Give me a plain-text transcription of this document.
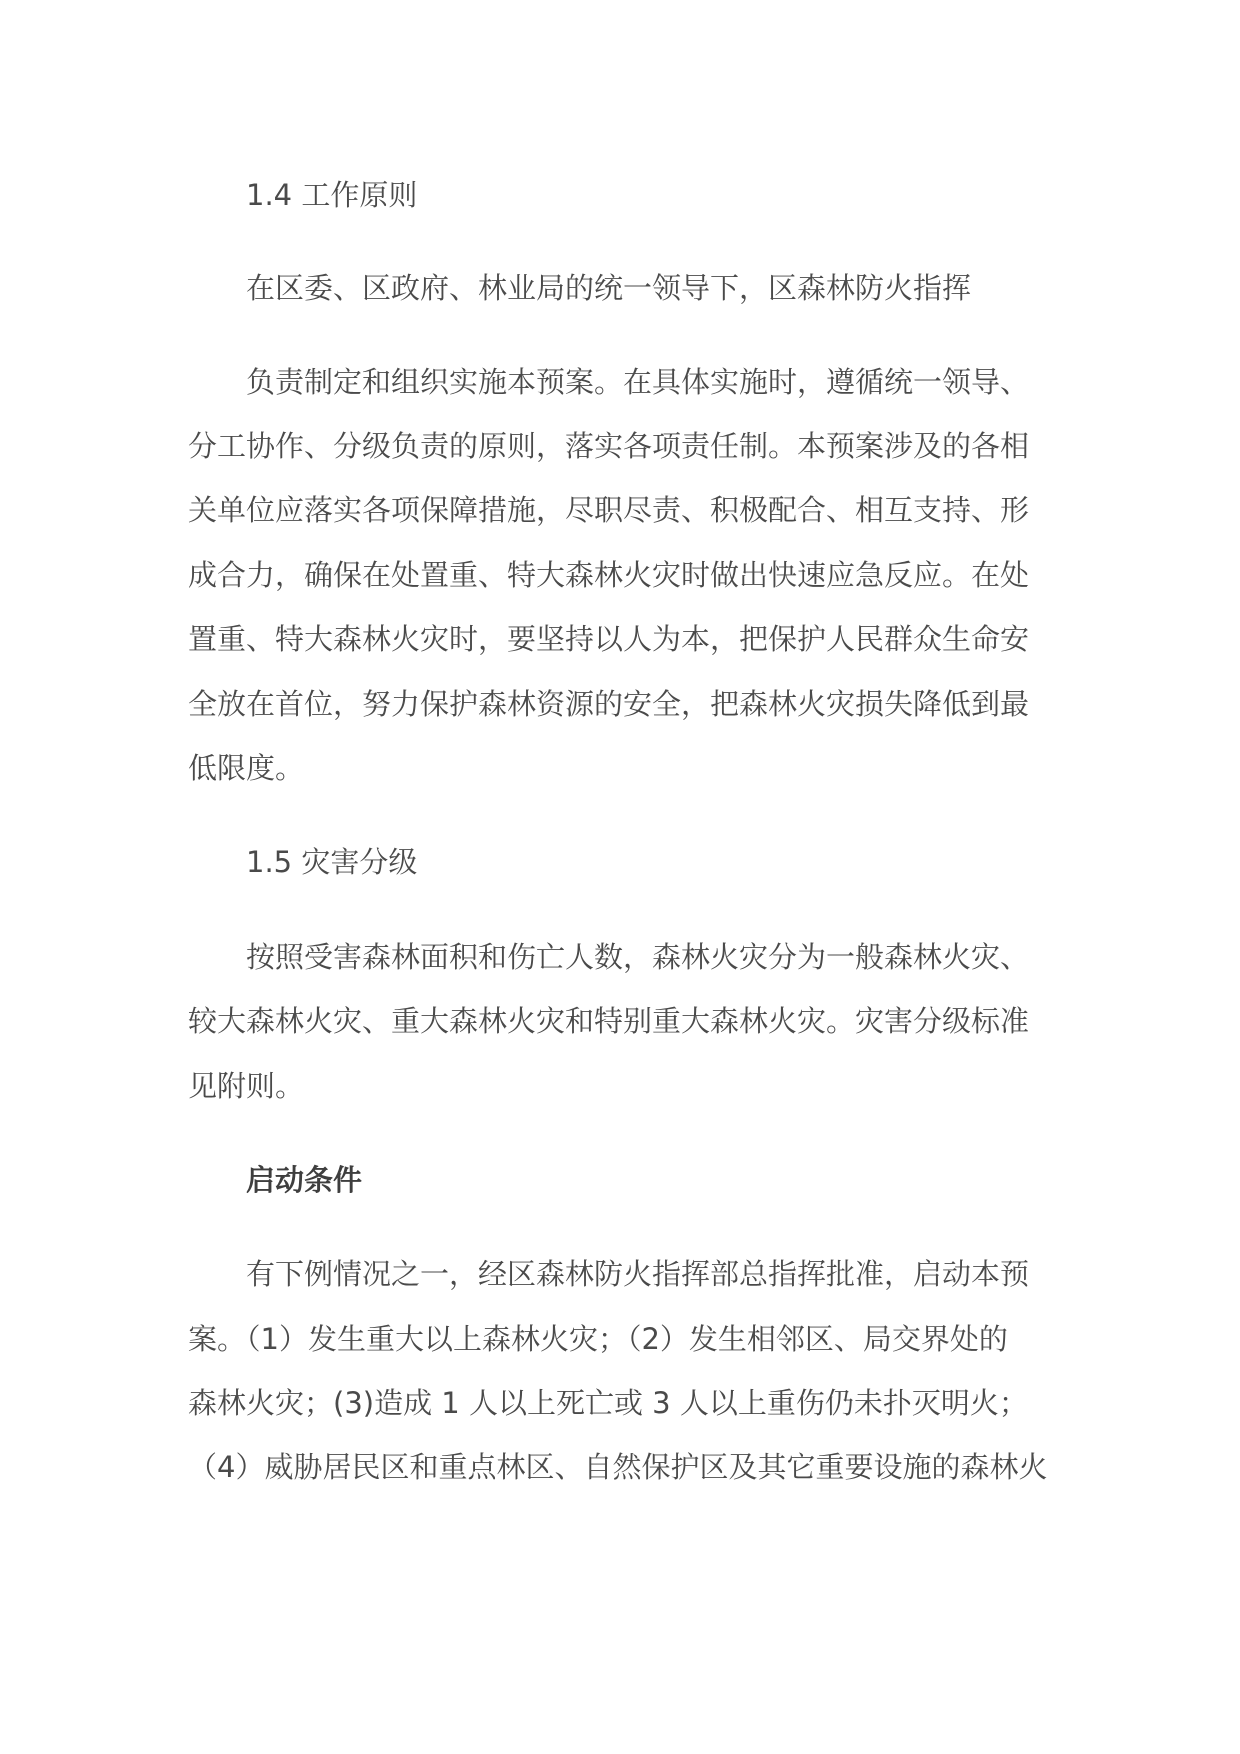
　　1.4 工作原则
　　在区委、区政府、林业局的统一领导下，区森林防火指挥
　　负责制定和组织实施本预案。在具体实施时，遵循统一领导、
分工协作、分级负责的原则，落实各项责任制。本预案涉及的各相
关单位应落实各项保障措施，尽职尽责、积极配合、相互支持、形
成合力，确保在处置重、特大森林火灾时做出快速应急反应。在处
置重、特大森林火灾时，要坚持以人为本，把保护人民群众生命安
全放在首位，努力保护森林资源的安全，把森林火灾损失降低到最
低限度。
　　1.5 灾害分级
　　按照受害森林面积和伤亡人数，森林火灾分为一般森林火灾、
较大森林火灾、重大森林火灾和特别重大森林火灾。灾害分级标准
见附则。
　　启动条件
　　有下例情况之一，经区森林防火指挥部总指挥批准，启动本预
案。（1）发生重大以上森林火灾；（2）发生相邻区、局交界处的
森林火灾；(3)造成 1 人以上死亡或 3 人以上重伤仍未扑灭明火；
（4）威胁居民区和重点林区、自然保护区及其它重要设施的森林火
